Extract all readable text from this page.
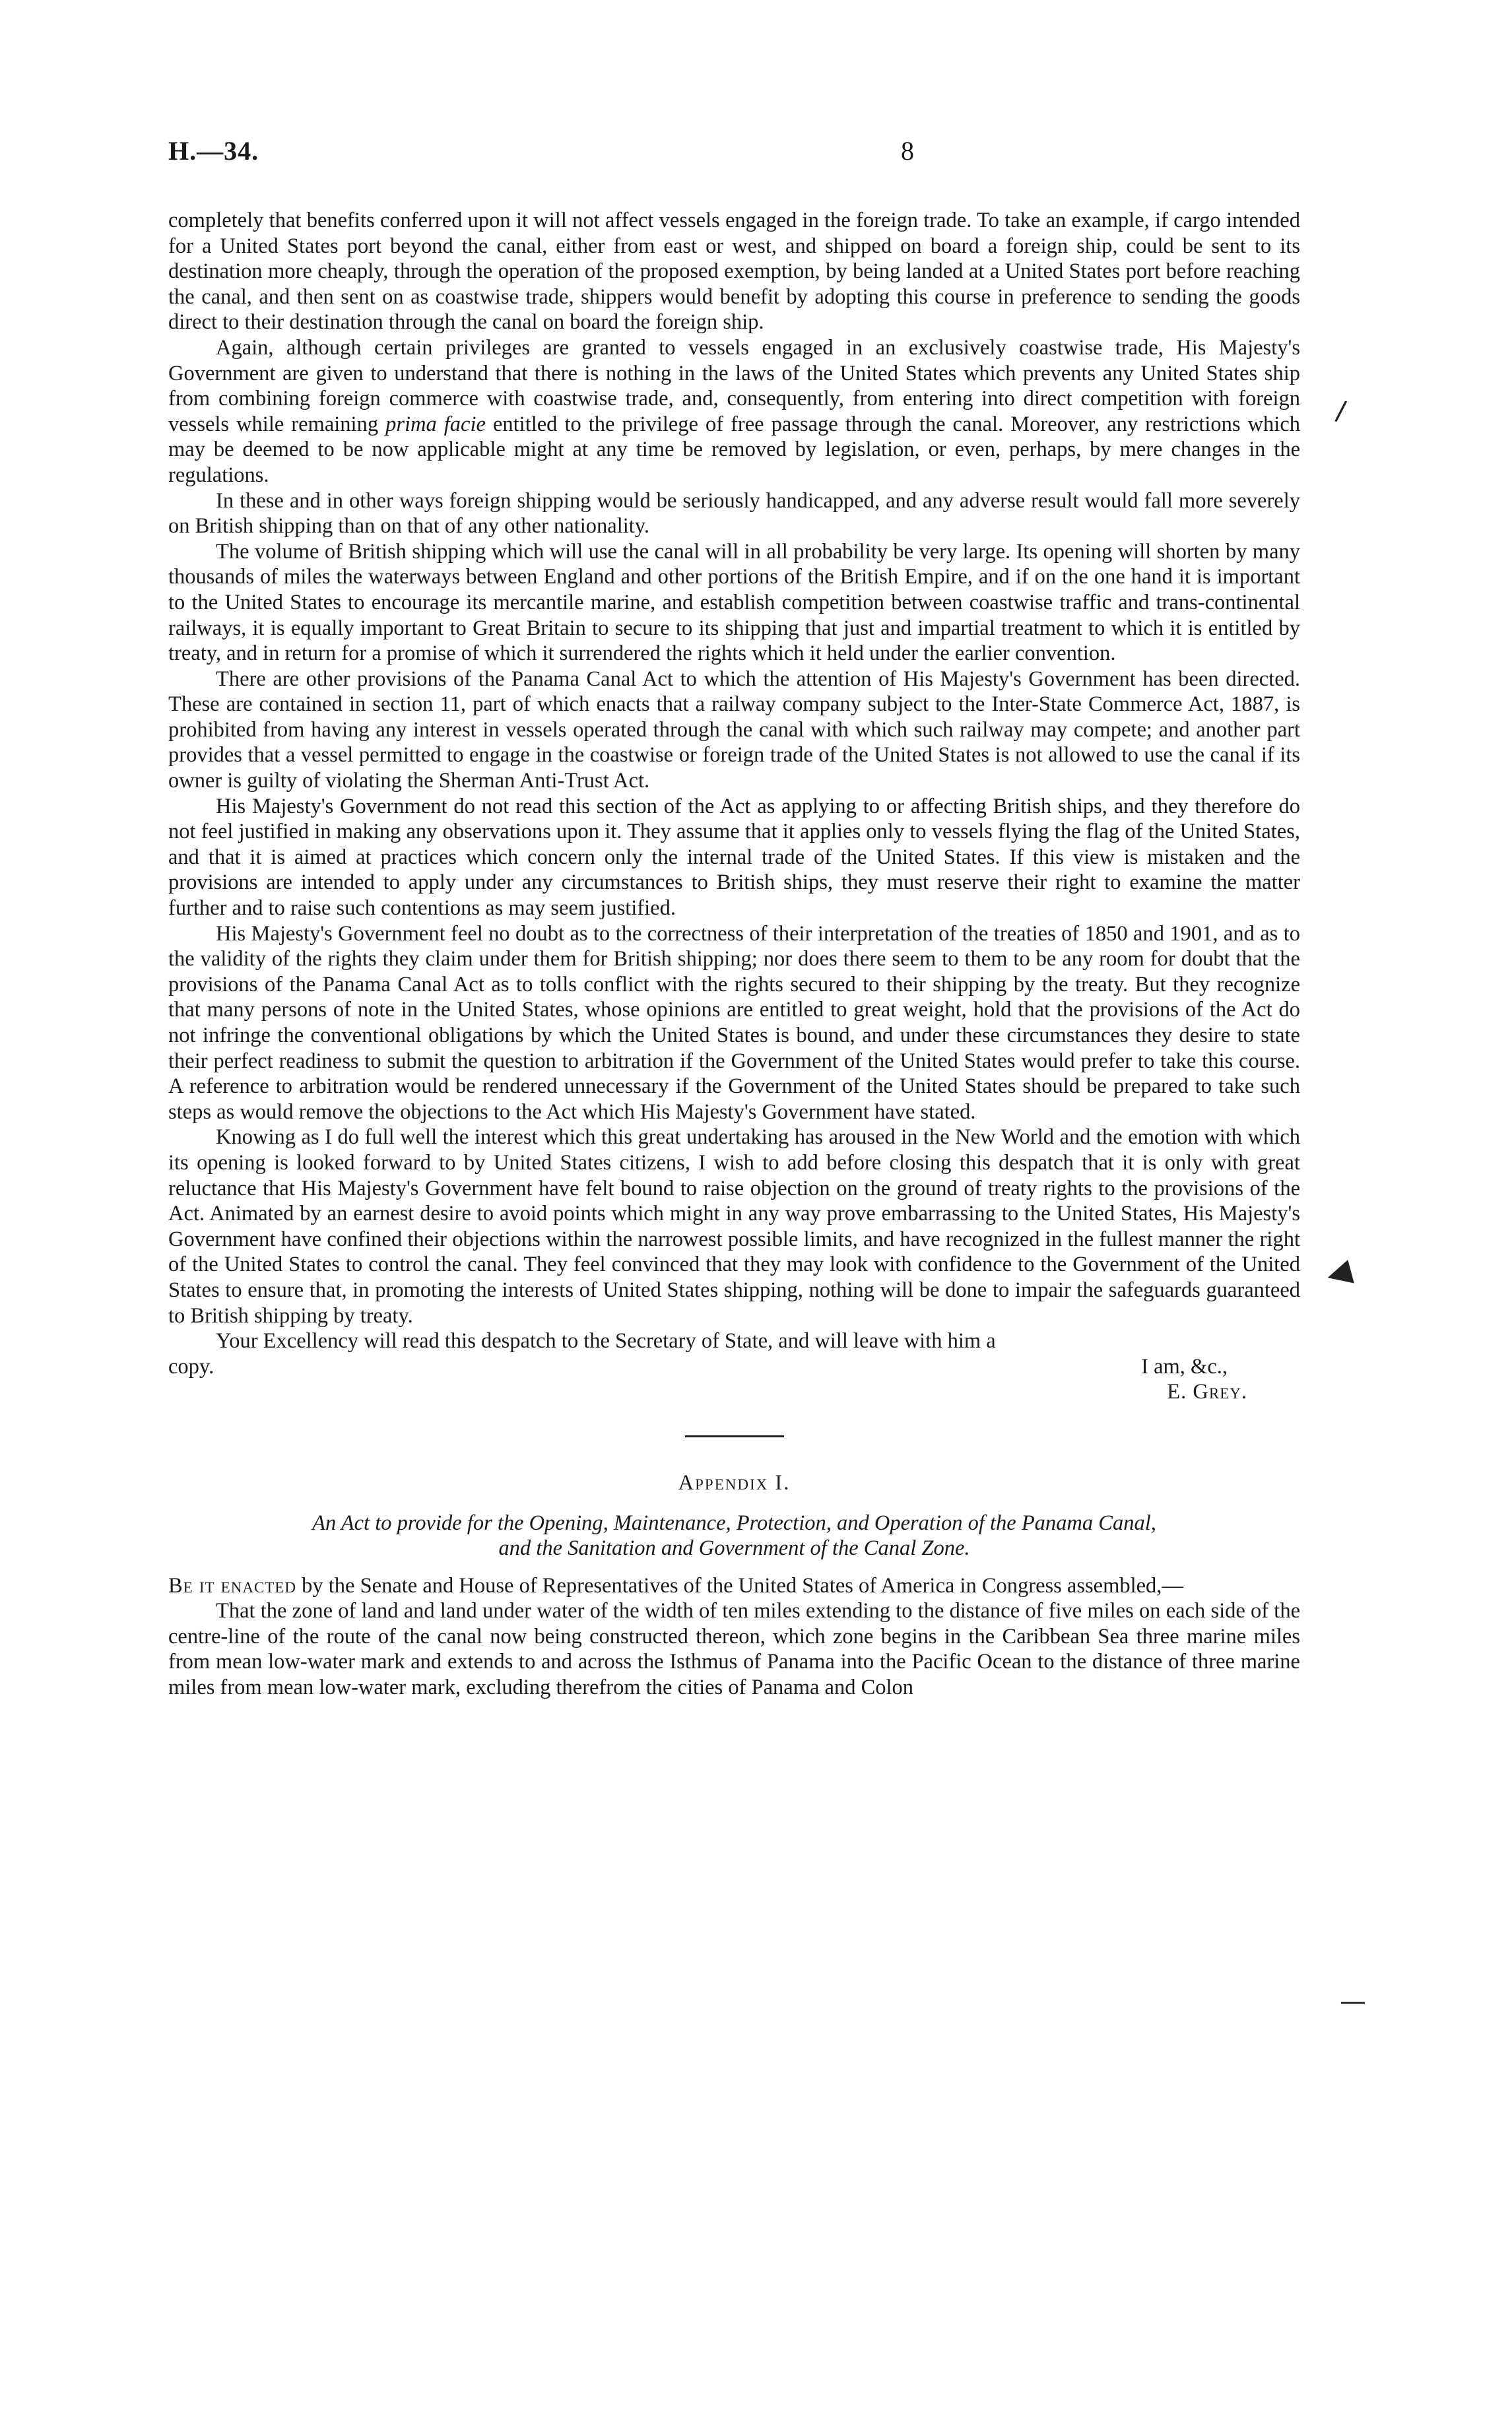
H.—34.	8

completely that benefits conferred upon it will not affect vessels engaged in the foreign trade. To take an example, if cargo intended for a United States port beyond the canal, either from east or west, and shipped on board a foreign ship, could be sent to its destination more cheaply, through the operation of the proposed exemption, by being landed at a United States port before reaching the canal, and then sent on as coastwise trade, shippers would benefit by adopting this course in preference to sending the goods direct to their destination through the canal on board the foreign ship.

Again, although certain privileges are granted to vessels engaged in an exclusively coastwise trade, His Majesty's Government are given to understand that there is nothing in the laws of the United States which prevents any United States ship from combining foreign commerce with coastwise trade, and, consequently, from entering into direct competition with foreign vessels while remaining prima facie entitled to the privilege of free passage through the canal. Moreover, any restrictions which may be deemed to be now applicable might at any time be removed by legislation, or even, perhaps, by mere changes in the regulations.

In these and in other ways foreign shipping would be seriously handicapped, and any adverse result would fall more severely on British shipping than on that of any other nationality.

The volume of British shipping which will use the canal will in all probability be very large. Its opening will shorten by many thousands of miles the waterways between England and other portions of the British Empire, and if on the one hand it is important to the United States to encourage its mercantile marine, and establish competition between coastwise traffic and trans-continental railways, it is equally important to Great Britain to secure to its shipping that just and impartial treatment to which it is entitled by treaty, and in return for a promise of which it surrendered the rights which it held under the earlier convention.

There are other provisions of the Panama Canal Act to which the attention of His Majesty's Government has been directed. These are contained in section 11, part of which enacts that a railway company subject to the Inter-State Commerce Act, 1887, is prohibited from having any interest in vessels operated through the canal with which such railway may compete; and another part provides that a vessel permitted to engage in the coastwise or foreign trade of the United States is not allowed to use the canal if its owner is guilty of violating the Sherman Anti-Trust Act.

His Majesty's Government do not read this section of the Act as applying to or affecting British ships, and they therefore do not feel justified in making any observations upon it. They assume that it applies only to vessels flying the flag of the United States, and that it is aimed at practices which concern only the internal trade of the United States. If this view is mistaken and the provisions are intended to apply under any circumstances to British ships, they must reserve their right to examine the matter further and to raise such contentions as may seem justified.

His Majesty's Government feel no doubt as to the correctness of their interpretation of the treaties of 1850 and 1901, and as to the validity of the rights they claim under them for British shipping; nor does there seem to them to be any room for doubt that the provisions of the Panama Canal Act as to tolls conflict with the rights secured to their shipping by the treaty. But they recognize that many persons of note in the United States, whose opinions are entitled to great weight, hold that the provisions of the Act do not infringe the conventional obligations by which the United States is bound, and under these circumstances they desire to state their perfect readiness to submit the question to arbitration if the Government of the United States would prefer to take this course. A reference to arbitration would be rendered unnecessary if the Government of the United States should be prepared to take such steps as would remove the objections to the Act which His Majesty's Government have stated.

Knowing as I do full well the interest which this great undertaking has aroused in the New World and the emotion with which its opening is looked forward to by United States citizens, I wish to add before closing this despatch that it is only with great reluctance that His Majesty's Government have felt bound to raise objection on the ground of treaty rights to the provisions of the Act. Animated by an earnest desire to avoid points which might in any way prove embarrassing to the United States, His Majesty's Government have confined their objections within the narrowest possible limits, and have recognized in the fullest manner the right of the United States to control the canal. They feel convinced that they may look with confidence to the Government of the United States to ensure that, in promoting the interests of United States shipping, nothing will be done to impair the safeguards guaranteed to British shipping by treaty.

Your Excellency will read this despatch to the Secretary of State, and will leave with him a

copy.	I am, &c.,
E. Grey.
Appendix I.
An Act to provide for the Opening, Maintenance, Protection, and Operation of the Panama Canal,
and the Sanitation and Government of the Canal Zone.

Be it enacted by the Senate and House of Representatives of the United States of America in Congress assembled,—

That the zone of land and land under water of the width of ten miles extending to the distance of five miles on each side of the centre-line of the route of the canal now being constructed thereon, which zone begins in the Caribbean Sea three marine miles from mean low-water mark and extends to and across the Isthmus of Panama into the Pacific Ocean to the distance of three marine miles from mean low-water mark, excluding therefrom the cities of Panama and Colon

/
◀
—
